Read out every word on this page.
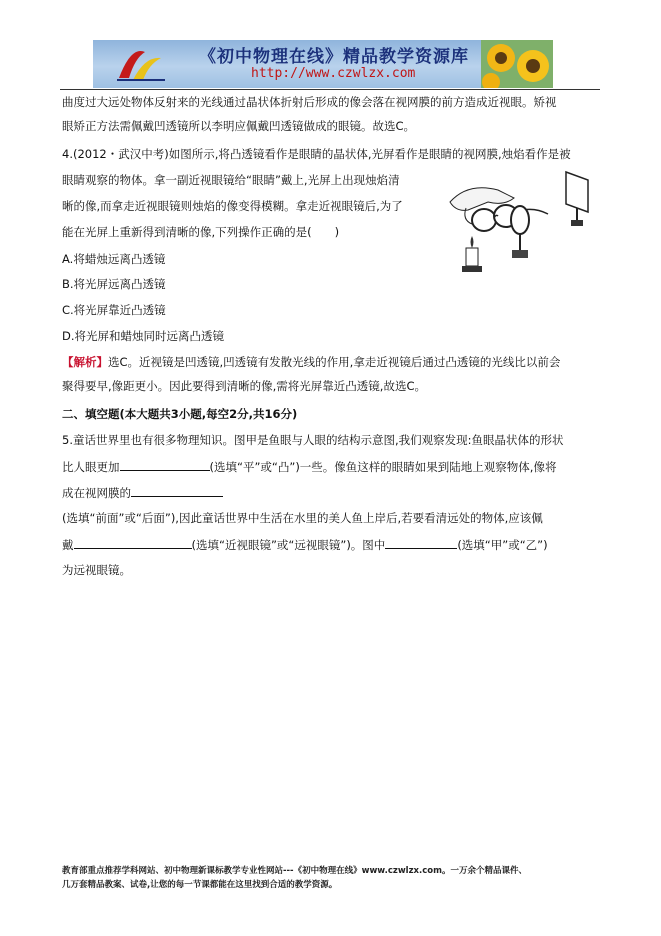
《初中物理在线》精品教学资源库
http://www.czwlzx.com
曲度过大远处物体反射来的光线通过晶状体折射后形成的像会落在视网膜的前方造成近视眼。矫视
眼矫正方法需佩戴凹透镜所以李明应佩戴凹透镜做成的眼镜。故选C。
4.(2012・武汉中考)如图所示,将凸透镜看作是眼睛的晶状体,光屏看作是眼睛的视网膜,烛焰看作是被
眼睛观察的物体。拿一副近视眼镜给“眼睛”戴上,光屏上出现烛焰清
晰的像,而拿走近视眼镜则烛焰的像变得模糊。拿走近视眼镜后,为了
能在光屏上重新得到清晰的像,下列操作正确的是(　　)
A.将蜡烛远离凸透镜
B.将光屏远离凸透镜
C.将光屏靠近凸透镜
D.将光屏和蜡烛同时远离凸透镜
【解析】选C。近视镜是凹透镜,凹透镜有发散光线的作用,拿走近视镜后通过凸透镜的光线比以前会
聚得要早,像距更小。因此要得到清晰的像,需将光屏靠近凸透镜,故选C。
二、填空题(本大题共3小题,每空2分,共16分)
5.童话世界里也有很多物理知识。图甲是鱼眼与人眼的结构示意图,我们观察发现:鱼眼晶状体的形状
比人眼更加	(选填“平”或“凸”)一些。像鱼这样的眼睛如果到陆地上观察物体,像将
成在视网膜的
(选填“前面”或“后面”),因此童话世界中生活在水里的美人鱼上岸后,若要看清远处的物体,应该佩
戴	(选填“近视眼镜”或“远视眼镜”)。图中	(选填“甲”或“乙”)
为远视眼镜。
教育部重点推荐学科网站、初中物理新课标教学专业性网站---《初中物理在线》www.czwlzx.com。一万余个精品课件、
几万套精品教案、试卷,让您的每一节课都能在这里找到合适的教学资源。
